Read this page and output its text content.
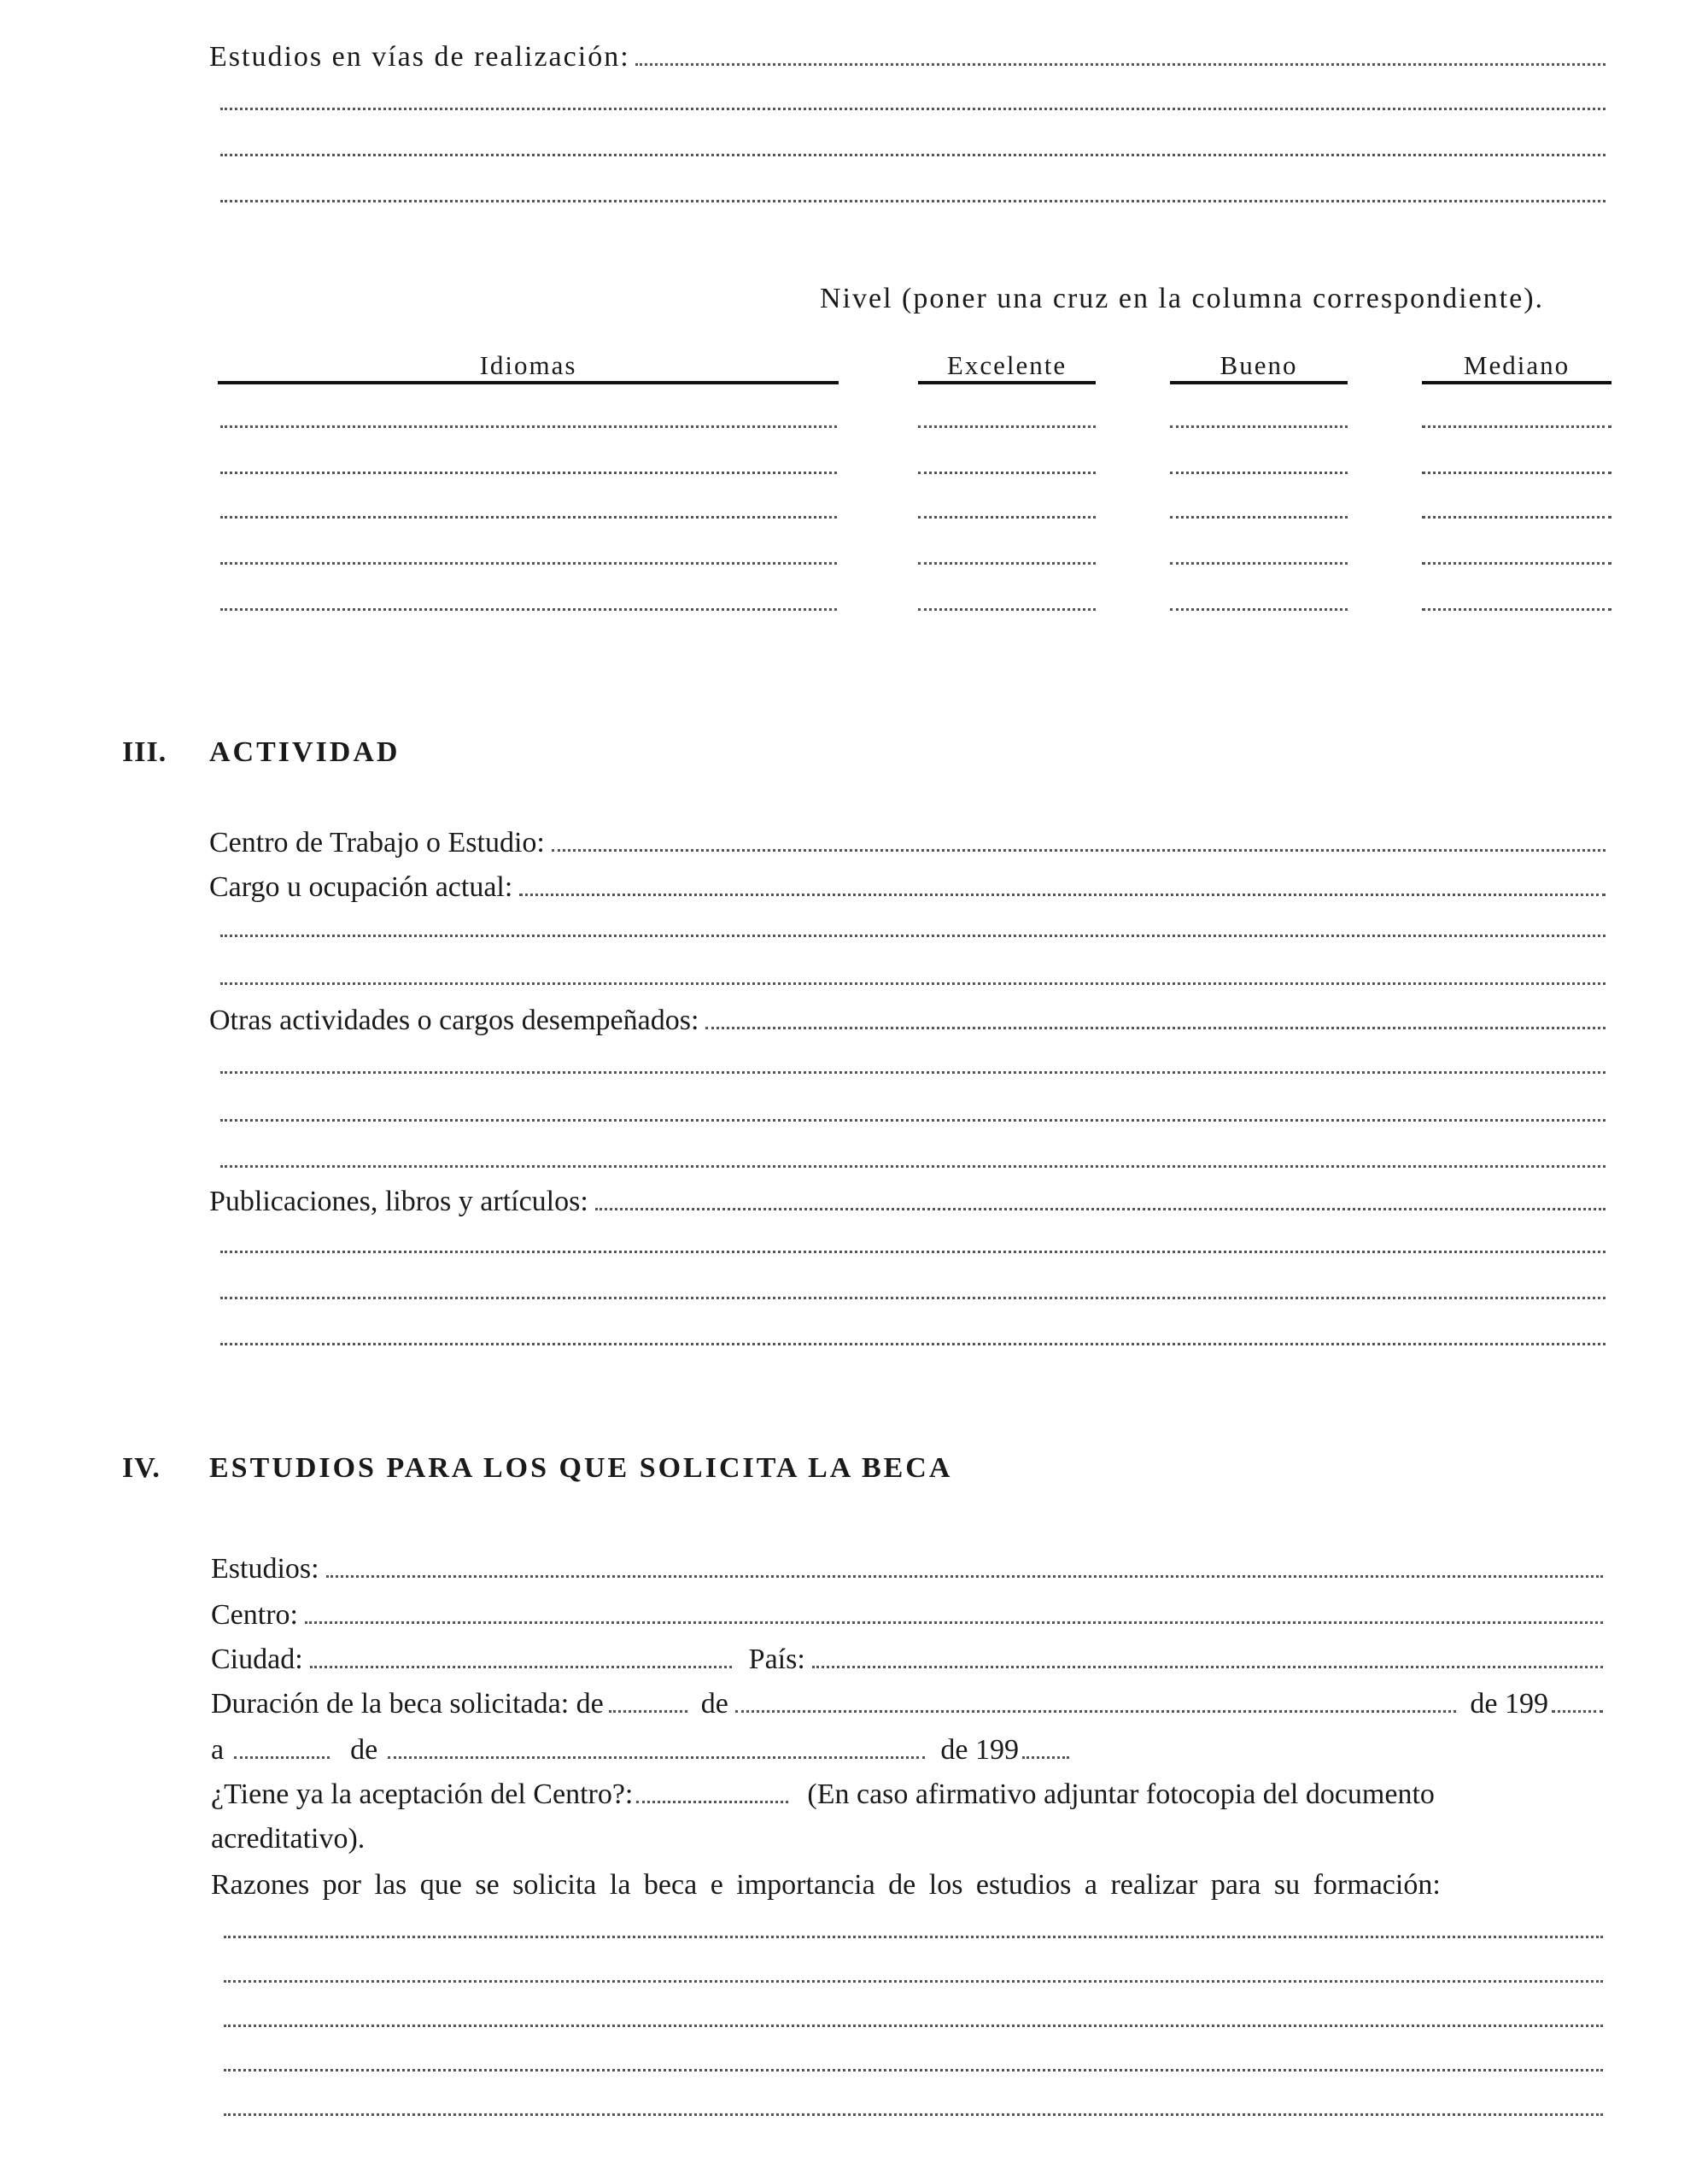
Estudios en vías de realización:
Nivel (poner una cruz en la columna correspondiente).
Idiomas	Excelente	Bueno	Mediano
III. ACTIVIDAD
Centro de Trabajo o Estudio:
Cargo u ocupación actual:
Otras actividades o cargos desempeñados:
Publicaciones, libros y artículos:
IV. ESTUDIOS PARA LOS QUE SOLICITA LA BECA
Estudios:
Centro:
Ciudad:	País:
Duración de la beca solicitada: de	de	de 199
a	de	de 199
¿Tiene ya la aceptación del Centro?:	(En caso afirmativo adjuntar fotocopia del documento
acreditativo).
Razones por las que se solicita la beca e importancia de los estudios a realizar para su formación:
